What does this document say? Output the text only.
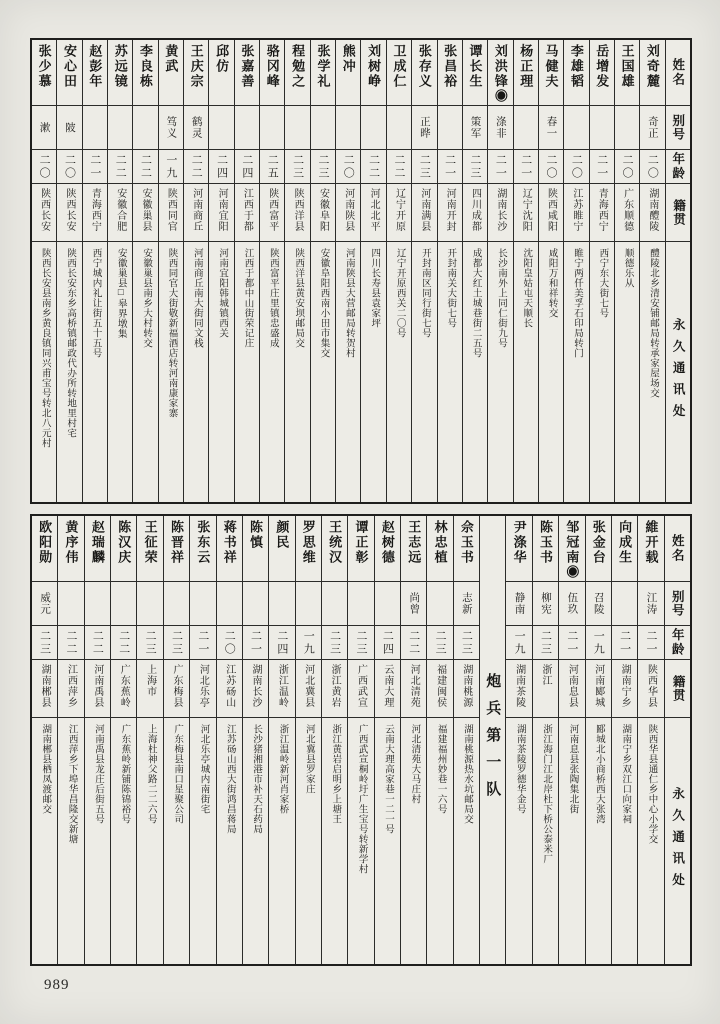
张少慕
漱
二〇
陕西长安
陕西长安县南乡黄良镇同兴甫宝号转北八元村
安心田
陂
二〇
陕西长安
陕西长安东乡高桥镇邮政代办所转地里村宅
赵彭年
二一
青海西宁
西宁城内礼让街五十五号
苏远镜
二二
安徽合肥
安徽巢县□皋界墩集
李良栋
二二
安徽巢县
安徽巢县南乡大村转交
黄武
笃义
一九
陕西同官
陕西同官大街敬新福酒店转河南康家寨
王庆宗
鹤灵
二二
河南商丘
河南商丘南大街同文栈
邱仿
二四
河南宜阳
河南宜阳韩城镇西关
张嘉善
二四
江西于都
江西于都中山街荣记庄
骆冈峰
二五
陕西富平
陕西富平庄里镇忠盛成
程勉之
二三
陕西洋县
陕西洋县黄安坝邮局交
张学礼
二三
安徽阜阳
安徽阜阳西南小田市集交
熊冲
二〇
河南陕县
河南陕县大营邮局转贺村
刘树峥
二二
河北北平
四川长寿县袁家坪
卫成仁
二二
辽宁开原
辽宁开原西关二〇号
张存义
正晔
二三
河南满县
开封南区同行街七号
张昌裕
二一
河南开封
开封南关大街七号
谭长生
策军
二三
四川成都
成都大红土城巷街二五号
刘洪锋◉
涤非
二一
湖南长沙
长沙南外上同仁街九号
杨正理
二一
辽宁沈阳
沈阳皇姑屯天顺长
马健夫
春一
二〇
陕西咸阳
咸阳万和祥转交
李雄韬
二〇
江苏睢宁
睢宁两仟美孚石印局转门
岳增发
二一
青海西宁
西宁东大街七号
王国雄
二〇
广东顺德
顺德乐从
刘奇麓
奇正
二〇
湖南醴陵
醴陵北乡清安铺邮局转承家屋场交
姓名
别号
年龄
籍贯
永久通讯处
欧阳勋
威元
二三
湖南郴县
湖南郴县栖凤渡邮交
黄序伟
二二
江西萍乡
江西萍乡下埠华昌隆交新塘
赵瑞麟
二二
河南禹县
河南禹县龙庄后街五号
陈汉庆
二二
广东蕉岭
广东蕉岭新铺陈锦裕号
王征荣
二三
上海市
上海杜神父路二二六号
陈晋祥
二三
广东梅县
广东梅县南口星聚公司
张东云
二一
河北乐亭
河北乐亭城内南街宅
蒋书祥
二〇
江苏砀山
江苏砀山西大街鸿昌蒋局
陈慎
二一
湖南长沙
长沙猪湘港市补天石药局
颜民
二四
浙江温岭
浙江温岭新河肖家桥
罗思维
一九
河北冀县
河北冀县罗家庄
王统汉
二三
浙江黄岩
浙江黄岩启明乡上塘王
谭正彰
二三
广西武宣
广西武宣桐岭圩广生宝号转新学村
赵树德
二四
云南大理
云南大理高家巷一二一号
王志远
尚曾
二二
河北清苑
河北清苑大马庄村
林忠植
二三
福建闽侯
福建福州妙巷一六号
佘玉书
志新
二三
湖南桃源
湖南桃源热水坑邮局交 炮兵第一队
尹涤华
静南
一九
湖南茶陵
湖南茶陵罗德华金号
陈玉书
柳宪
二三
浙江
浙江海门江北岸杜下桥公泰米厂
邹冠南◉
伍玖
二一
河南息县
河南息县张陶集北街
张金台
召陵
一九
河南郾城
郾城北小商桥西大张湾
向成生
二一
湖南宁乡
湖南宁乡双江口向家祠
維开载
江涛
二一
陕西华县
陕西华县通仁乡中心小学交
姓名
别号
年龄
籍贯
永久通讯处
989
